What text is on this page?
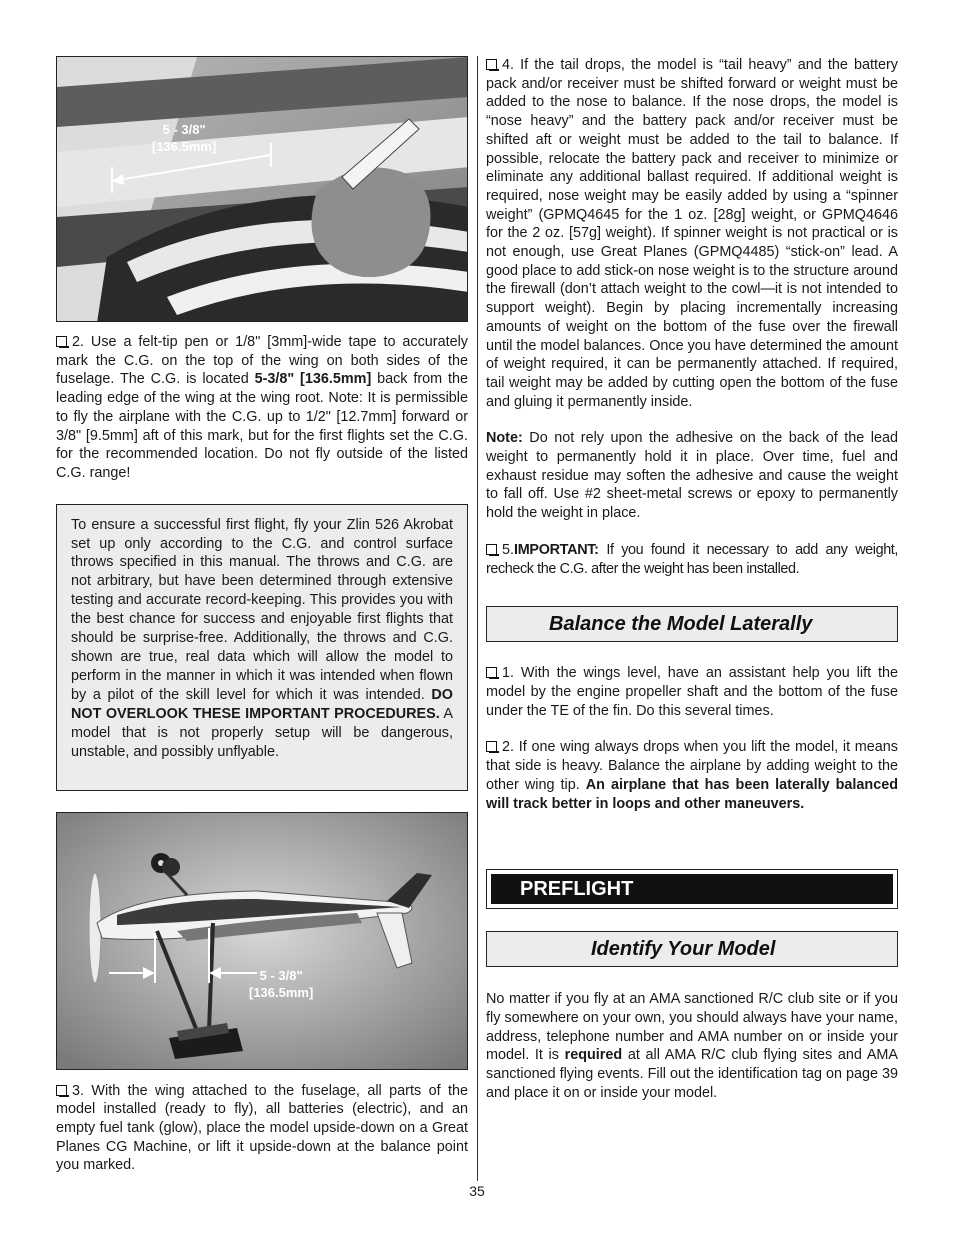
5 - 3/8"
[136.5mm]

2. Use a felt-tip pen or 1/8" [3mm]-wide tape to accurately mark the C.G. on the top of the wing on both sides of the fuselage. The C.G. is located 5-3/8" [136.5mm] back from the leading edge of the wing at the wing root. Note: It is permissible to fly the airplane with the C.G. up to 1/2" [12.7mm] forward or 3/8" [9.5mm] aft of this mark, but for the first flights set the C.G. for the recommended location. Do not fly outside of the listed C.G. range!

To ensure a successful first flight, fly your Zlin 526 Akrobat set up only according to the C.G. and control surface throws specified in this manual. The throws and C.G. are not arbitrary, but have been determined through extensive testing and accurate record-keeping. This provides you with the best chance for success and enjoyable first flights that should be surprise-free. Additionally, the throws and C.G. shown are true, real data which will allow the model to perform in the manner in which it was intended when flown by a pilot of the skill level for which it was intended. DO NOT OVERLOOK THESE IMPORTANT PROCEDURES. A model that is not properly setup will be dangerous, unstable, and possibly unflyable.

5 - 3/8"
[136.5mm]

3. With the wing attached to the fuselage, all parts of the model installed (ready to fly), all batteries (electric), and an empty fuel tank (glow), place the model upside-down on a Great Planes CG Machine, or lift it upside-down at the balance point you marked.

4. If the tail drops, the model is “tail heavy” and the battery pack and/or receiver must be shifted forward or weight must be added to the nose to balance. If the nose drops, the model is “nose heavy” and the battery pack and/or receiver must be shifted aft or weight must be added to the tail to balance. If possible, relocate the battery pack and receiver to minimize or eliminate any additional ballast required. If additional weight is required, nose weight may be easily added by using a “spinner weight” (GPMQ4645 for the 1 oz. [28g] weight, or GPMQ4646 for the 2 oz. [57g] weight). If spinner weight is not practical or is not enough, use Great Planes (GPMQ4485) “stick-on” lead. A good place to add stick-on nose weight is to the structure around the firewall (don’t attach weight to the cowl—it is not intended to support weight). Begin by placing incrementally increasing amounts of weight on the bottom of the fuse over the firewall until the model balances. Once you have determined the amount of weight required, it can be permanently attached. If required, tail weight may be added by cutting open the bottom of the fuse and gluing it permanently inside.

Note: Do not rely upon the adhesive on the back of the lead weight to permanently hold it in place. Over time, fuel and exhaust residue may soften the adhesive and cause the weight to fall off. Use #2 sheet-metal screws or epoxy to permanently hold the weight in place.

5.IMPORTANT: If you found it necessary to add any weight, recheck the C.G. after the weight has been installed.

Balance the Model Laterally

1. With the wings level, have an assistant help you lift the model by the engine propeller shaft and the bottom of the fuse under the TE of the fin. Do this several times.

2. If one wing always drops when you lift the model, it means that side is heavy. Balance the airplane by adding weight to the other wing tip. An airplane that has been laterally balanced will track better in loops and other maneuvers.

PREFLIGHT
Identify Your Model

No matter if you fly at an AMA sanctioned R/C club site or if you fly somewhere on your own, you should always have your name, address, telephone number and AMA number on or inside your model. It is required at all AMA R/C club flying sites and AMA sanctioned flying events. Fill out the identification tag on page 39 and place it on or inside your model.

35
